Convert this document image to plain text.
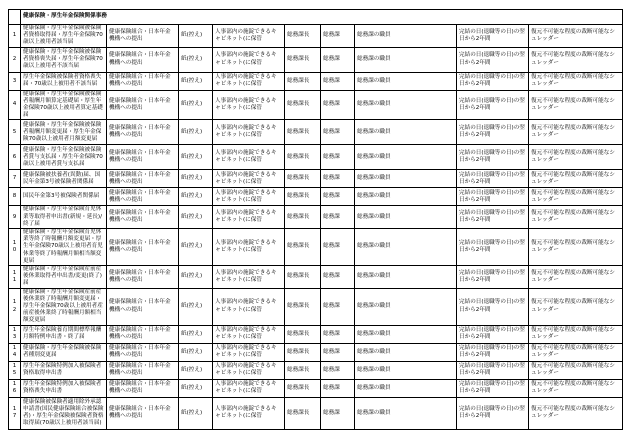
	健康保険・厚生年金保険関係事務								
1	健康保険・厚生年金保険被保険者資格取得届・厚生年金保険70歳以上被用者該当届	健康保険組合・日本年金機構への提出	紙(控え)	人事部内の施錠できるキャビネット(に保管	総務課長	総務課	総務課の職員	完結の日(退職等の日)の翌日から2年間	復元不可能な程度の裁断可能なシュレッダー
2	健康保険・厚生年金保険被保険者資格喪失届・厚生年金保険70歳以上被用者不該当届	健康保険組合・日本年金機構への提出	紙(控え)	人事部内の施錠できるキャビネット(に保管	総務課長	総務課	総務課の職員	完結の日(退職等の日)の翌日から2年間	復元不可能な程度の裁断可能なシュレッダー
3	厚生年金保険被保険者資格喪失届・70歳以上被用者不該当届	健康保険組合・日本年金機構への提出	紙(控え)	人事部内の施錠できるキャビネット(に保管	総務課長	総務課	総務課の職員	完結の日(退職等の日)の翌日から2年間	復元不可能な程度の裁断可能なシュレッダー
4	健康保険・厚生年金保険被保険者報酬月額算定基礎届・厚生年金保険70歳以上被用者算定基礎届	健康保険組合・日本年金機構への提出	紙(控え)	人事部内の施錠できるキャビネット(に保管	総務課長	総務課	総務課の職員	完結の日(退職等の日)の翌日から2年間	復元不可能な程度の裁断可能なシュレッダー
5	健康保険・厚生年金保険被保険者報酬月額変更届・厚生年金保険70歳以上被用者月額変更届	健康保険組合・日本年金機構への提出	紙(控え)	人事部内の施錠できるキャビネット(に保管	総務課長	総務課	総務課の職員	完結の日(退職等の日)の翌日から2年間	復元不可能な程度の裁断可能なシュレッダー
6	健康保険・厚生年金保険被保険者賞与支払届・厚生年金保険70歳以上被用者賞与支払届	健康保険組合・日本年金機構への提出	紙(控え)	人事部内の施錠できるキャビネット(に保管	総務課長	総務課	総務課の職員	完結の日(退職等の日)の翌日から2年間	復元不可能な程度の裁断可能なシュレッダー
7	健康保険被扶養者(異動)届、国民年金第3号被保険者関係届	健康保険組合・日本年金機構への提出	紙(控え)	人事部内の施錠できるキャビネット(に保管	総務課長	総務課	総務課の職員	完結の日(退職等の日)の翌日から2年間	復元不可能な程度の裁断可能なシュレッダー
8	国民年金第3号被保険者関係届	健康保険組合・日本年金機構への提出	紙(控え)	人事部内の施錠できるキャビネット(に保管	総務課長	総務課	総務課の職員	完結の日(退職等の日)の翌日から2年間	復元不可能な程度の裁断可能なシュレッダー
9	健康保険・厚生年金保険育児休業等取得者申出書(新規・延長)/終了届	健康保険組合・日本年金機構への提出	紙(控え)	人事部内の施錠できるキャビネット(に保管	総務課長	総務課	総務課の職員	完結の日(退職等の日)の翌日から2年間	復元不可能な程度の裁断可能なシュレッダー
10	健康保険・厚生年金保険育児休業等終了時報酬月額変更届・厚生年金保険70歳以上被用者育児休業等終了時報酬月額相当額変更届	健康保険組合・日本年金機構への提出	紙(控え)	人事部内の施錠できるキャビネット(に保管	総務課長	総務課	総務課の職員	完結の日(退職等の日)の翌日から2年間	復元不可能な程度の裁断可能なシュレッダー
11	健康保険・厚生年金保険産前産後休業取得者申出書/変更(終了)届	健康保険組合・日本年金機構への提出	紙(控え)	人事部内の施錠できるキャビネット(に保管	総務課長	総務課	総務課の職員	完結の日(退職等の日)の翌日から2年間	復元不可能な程度の裁断可能なシュレッダー
12	健康保険・厚生年金保険産前産後休業終了時報酬月額変更届・厚生年金保険70歳以上被用者産前産後休業終了時報酬月額相当額変更届	健康保険組合・日本年金機構への提出	紙(控え)	人事部内の施錠できるキャビネット(に保管	総務課長	総務課	総務課の職員	完結の日(退職等の日)の翌日から2年間	復元不可能な程度の裁断可能なシュレッダー
13	厚生年金保険養育期間標準報酬月額特例申出書・終了届	健康保険組合・日本年金機構への提出	紙(控え)	人事部内の施錠できるキャビネット(に保管	総務課長	総務課	総務課の職員	完結の日(退職等の日)の翌日から2年間	復元不可能な程度の裁断可能なシュレッダー
14	健康保険・厚生年金保険被保険者種別変更届	健康保険組合・日本年金機構への提出	紙(控え)	人事部内の施錠できるキャビネット(に保管	総務課長	総務課	総務課の職員	完結の日(退職等の日)の翌日から2年間	復元不可能な程度の裁断可能なシュレッダー
15	厚生年金保険特例加入被保険者資格取得申出書	健康保険組合・日本年金機構への提出	紙(控え)	人事部内の施錠できるキャビネット(に保管	総務課長	総務課	総務課の職員	完結の日(退職等の日)の翌日から2年間	復元不可能な程度の裁断可能なシュレッダー
16	厚生年金保険特例加入被保険者資格喪失申出書	健康保険組合・日本年金機構への提出	紙(控え)	人事部内の施錠できるキャビネット(に保管	総務課長	総務課	総務課の職員	完結の日(退職等の日)の翌日から2年間	復元不可能な程度の裁断可能なシュレッダー
17	健康保険被保険者適用除外承認申請書(国民健康保険組合被保険者)・厚生年金保険被保険者資格取得届(70歳以上被用者該当届)	健康保険組合・日本年金機構への提出	紙(控え)	人事部内の施錠できるキャビネット(に保管	総務課長	総務課	総務課の職員	完結の日(退職等の日)の翌日から2年間	復元不可能な程度の裁断可能なシュレッダー
